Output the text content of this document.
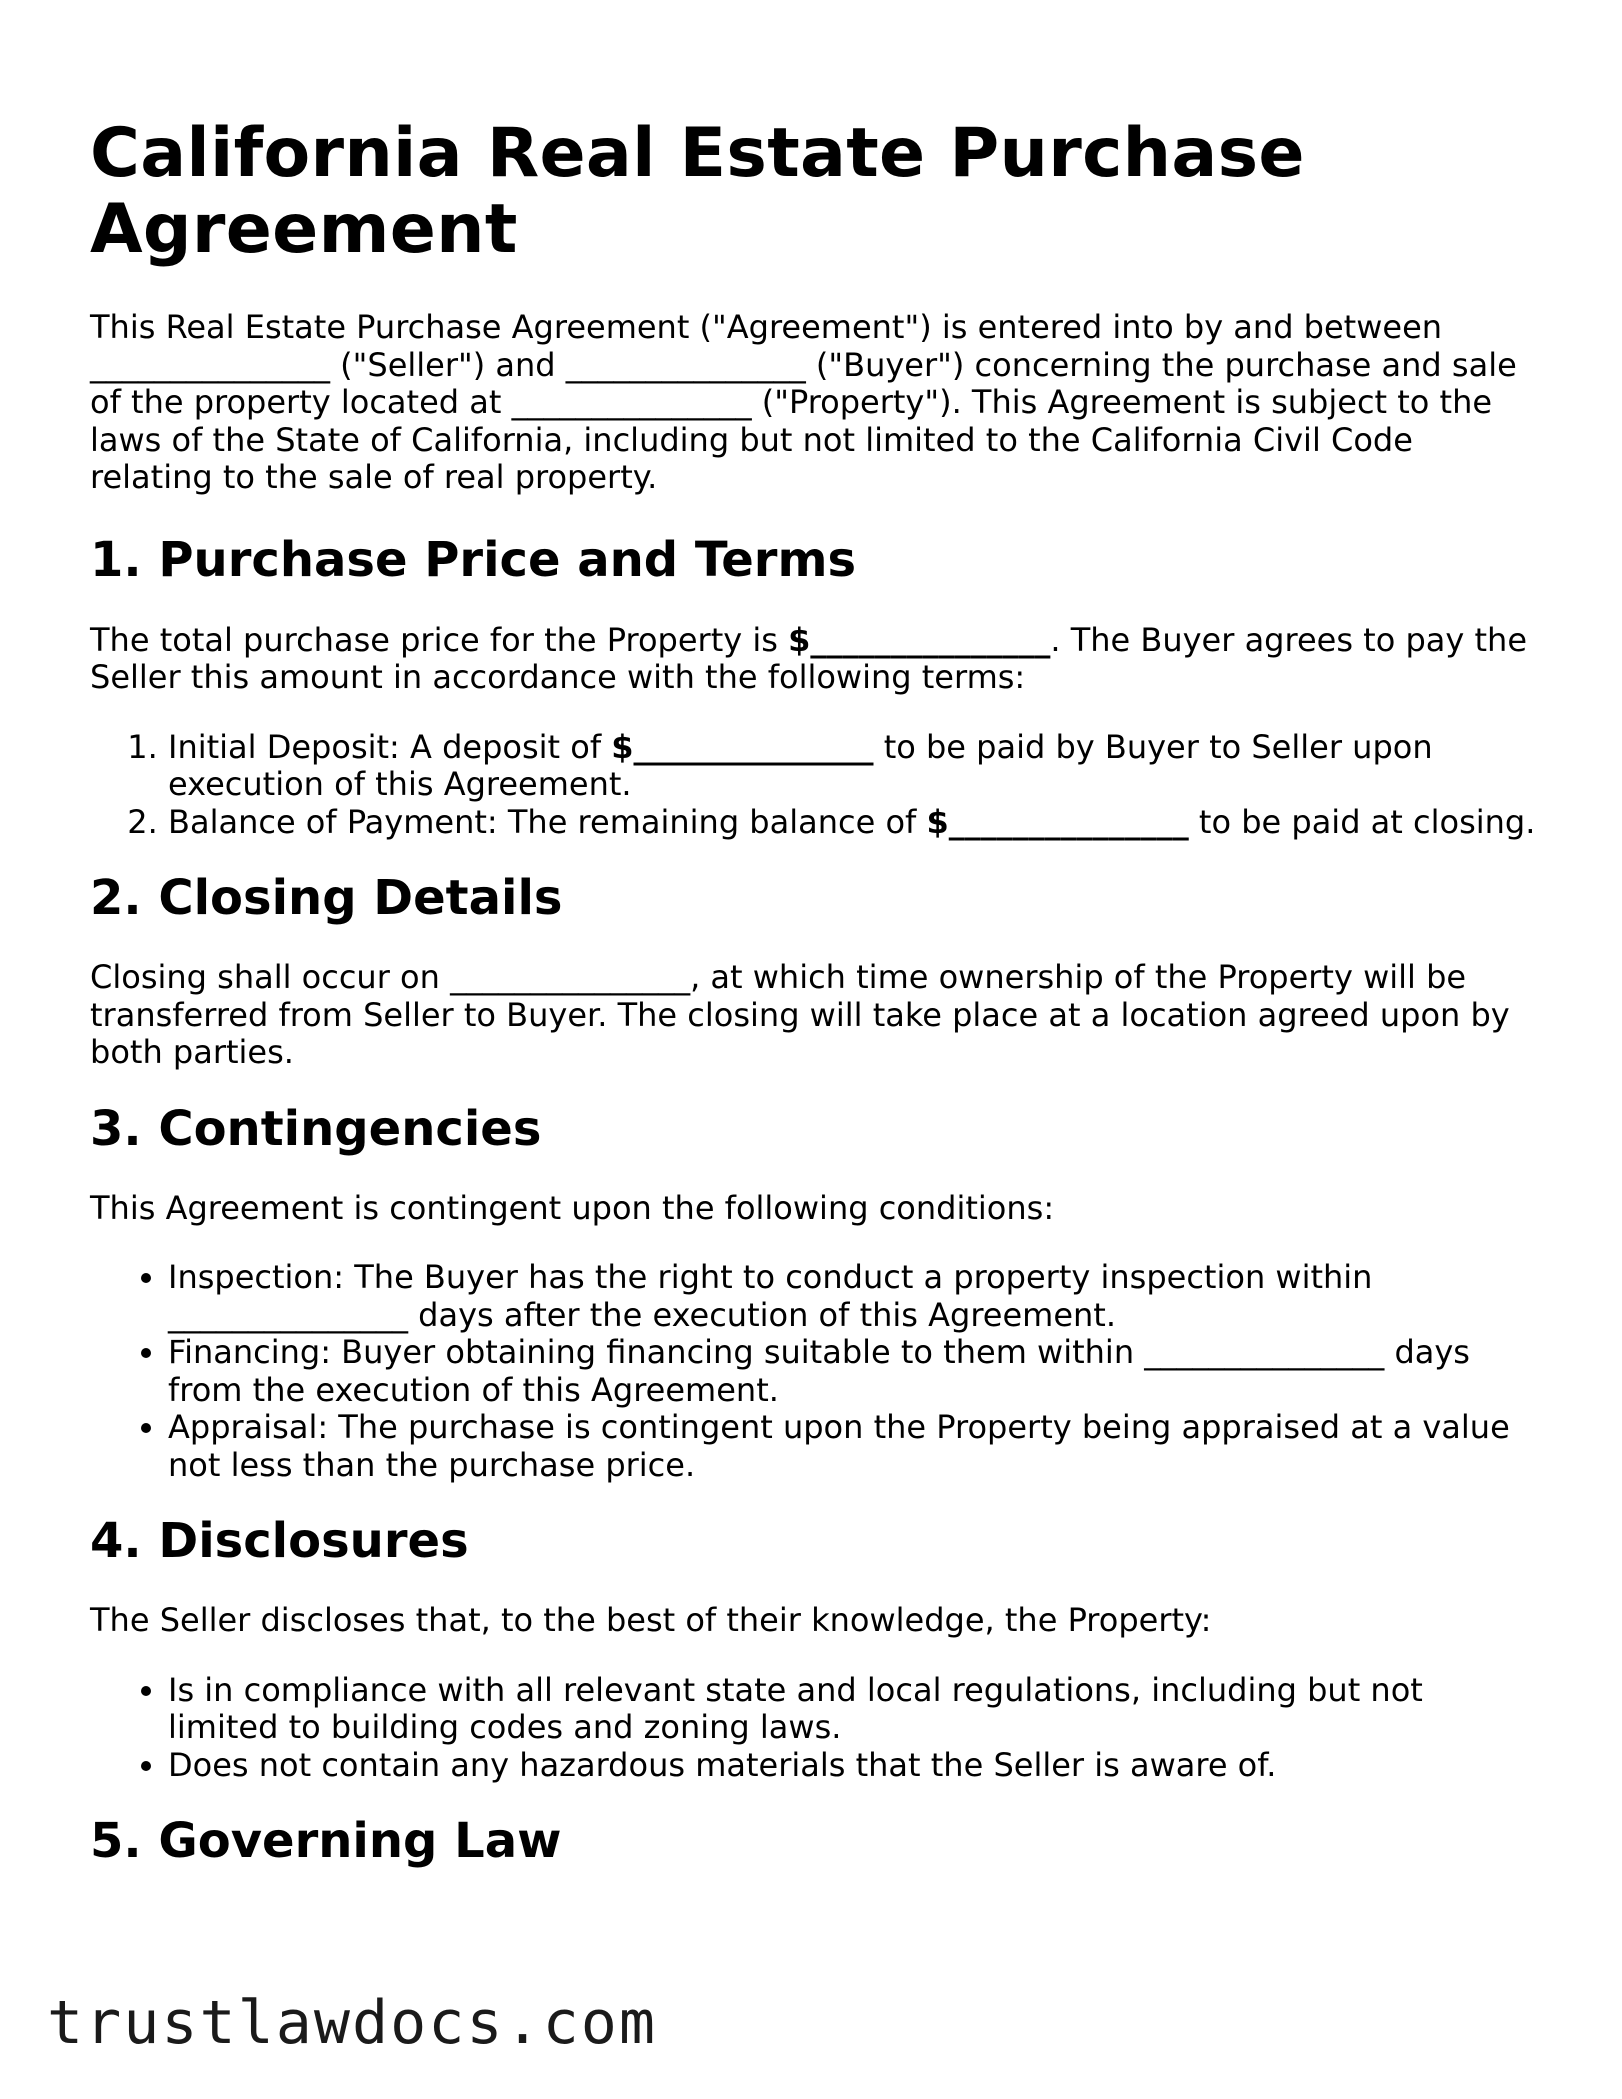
California Real Estate Purchase Agreement

This Real Estate Purchase Agreement ("Agreement") is entered into by and between _______________ ("Seller") and _______________ ("Buyer") concerning the purchase and sale of the property located at _______________ ("Property"). This Agreement is subject to the laws of the State of California, including but not limited to the California Civil Code relating to the sale of real property.

1. Purchase Price and Terms

The total purchase price for the Property is $_______________. The Buyer agrees to pay the Seller this amount in accordance with the following terms:

1. Initial Deposit: A deposit of $_______________ to be paid by Buyer to Seller upon execution of this Agreement.
2. Balance of Payment: The remaining balance of $_______________ to be paid at closing.
2. Closing Details

Closing shall occur on _______________, at which time ownership of the Property will be transferred from Seller to Buyer. The closing will take place at a location agreed upon by both parties.

3. Contingencies

This Agreement is contingent upon the following conditions:

• Inspection: The Buyer has the right to conduct a property inspection within _______________ days after the execution of this Agreement.
• Financing: Buyer obtaining financing suitable to them within _______________ days from the execution of this Agreement.
• Appraisal: The purchase is contingent upon the Property being appraised at a value not less than the purchase price.
4. Disclosures

The Seller discloses that, to the best of their knowledge, the Property:

• Is in compliance with all relevant state and local regulations, including but not limited to building codes and zoning laws.
• Does not contain any hazardous materials that the Seller is aware of.
5. Governing Law
trustlawdocs.com
